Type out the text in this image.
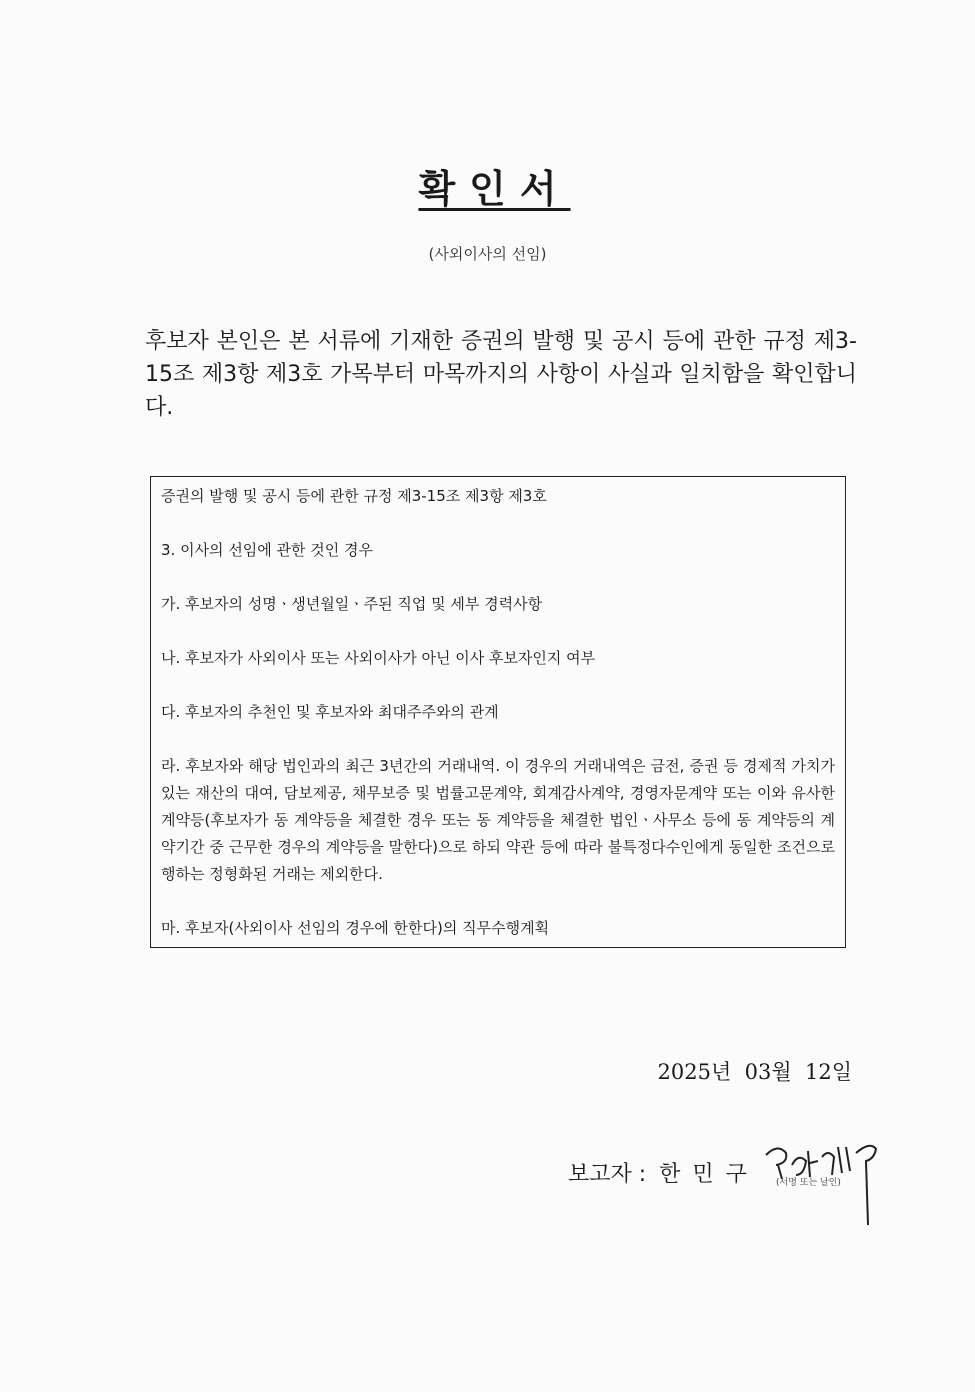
확인서
(사외이사의 선임)

후보자 본인은 본 서류에 기재한 증권의 발행 및 공시 등에 관한 규정 제3-15조 제3항 제3호 가목부터 마목까지의 사항이 사실과 일치함을 확인합니다.

증권의 발행 및 공시 등에 관한 규정 제3-15조 제3항 제3호

3. 이사의 선임에 관한 것인 경우

가. 후보자의 성명ㆍ생년월일ㆍ주된 직업 및 세부 경력사항

나. 후보자가 사외이사 또는 사외이사가 아닌 이사 후보자인지 여부

다. 후보자의 추천인 및 후보자와 최대주주와의 관계

라. 후보자와 해당 법인과의 최근 3년간의 거래내역. 이 경우의 거래내역은 금전, 증권 등 경제적 가치가 있는 재산의 대여, 담보제공, 채무보증 및 법률고문계약, 회계감사계약, 경영자문계약 또는 이와 유사한 계약등(후보자가 동 계약등을 체결한 경우 또는 동 계약등을 체결한 법인ㆍ사무소 등에 동 계약등의 계약기간 중 근무한 경우의 계약등을 말한다)으로 하되 약관 등에 따라 불특정다수인에게 동일한 조건으로 행하는 정형화된 거래는 제외한다.

마. 후보자(사외이사 선임의 경우에 한한다)의 직무수행계획

2025년  03월  12일
보고자 : 한민구 (서명 또는 날인)
